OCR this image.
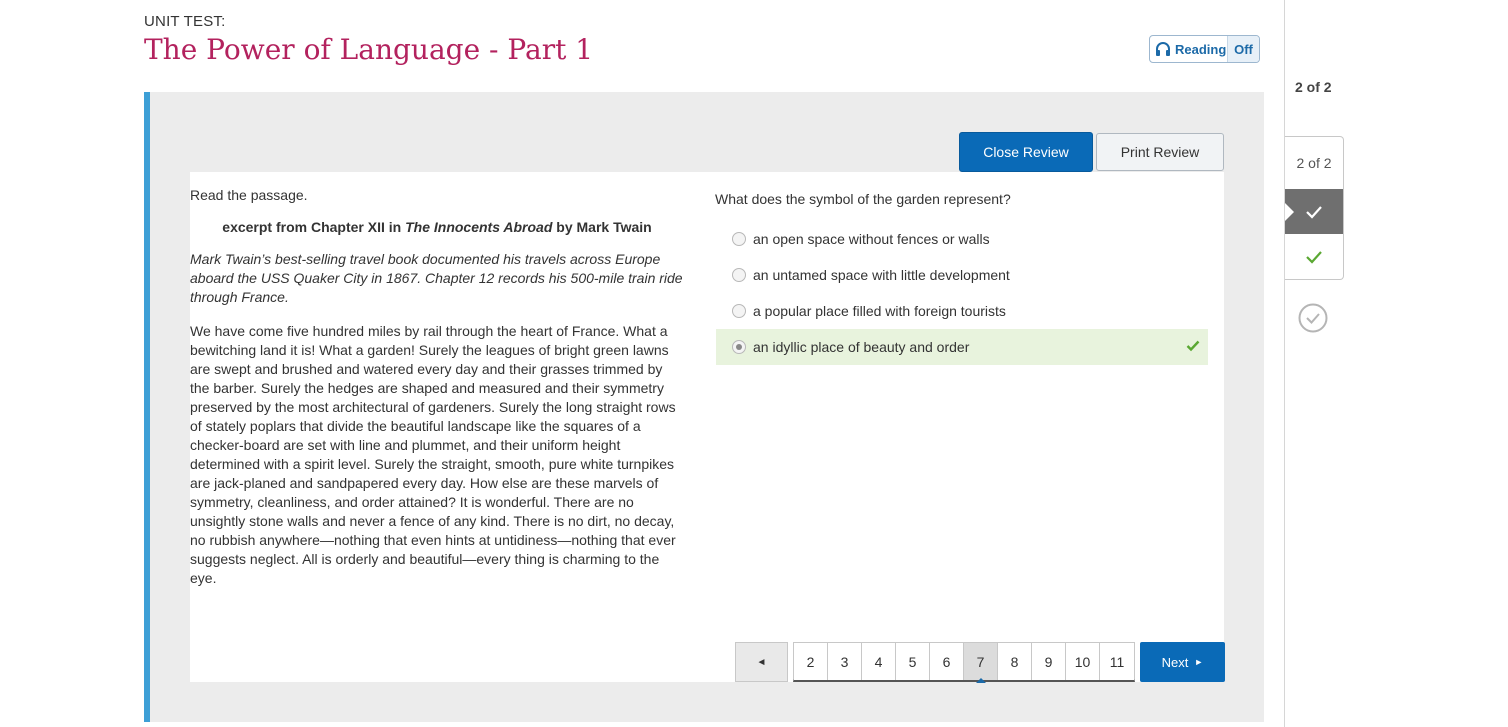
UNIT TEST:
The Power of Language - Part 1	Reading Off
2 of 2
2 of 2
Close Review	Print Review

Read the passage.

excerpt from Chapter XII in The Innocents Abroad by Mark Twain

Mark Twain’s best-selling travel book documented his travels across Europe aboard the USS Quaker City in 1867. Chapter 12 records his 500-mile train ride through France.

We have come five hundred miles by rail through the heart of France. What a bewitching land it is! What a garden! Surely the leagues of bright green lawns are swept and brushed and watered every day and their grasses trimmed by the barber. Surely the hedges are shaped and measured and their symmetry preserved by the most architectural of gardeners. Surely the long straight rows of stately poplars that divide the beautiful landscape like the squares of a checker-board are set with line and plummet, and their uniform height determined with a spirit level. Surely the straight, smooth, pure white turnpikes are jack-planed and sandpapered every day. How else are these marvels of symmetry, cleanliness, and order attained? It is wonderful. There are no unsightly stone walls and never a fence of any kind. There is no dirt, no decay, no rubbish anywhere—nothing that even hints at untidiness—nothing that ever suggests neglect. All is orderly and beautiful—every thing is charming to the eye.

What does the symbol of the garden represent?
an open space without fences or walls
an untamed space with little development
a popular place filled with foreign tourists
an idyllic place of beauty and order
◄	2	3	4	5	6	7	8	9	10	11	Next ►
